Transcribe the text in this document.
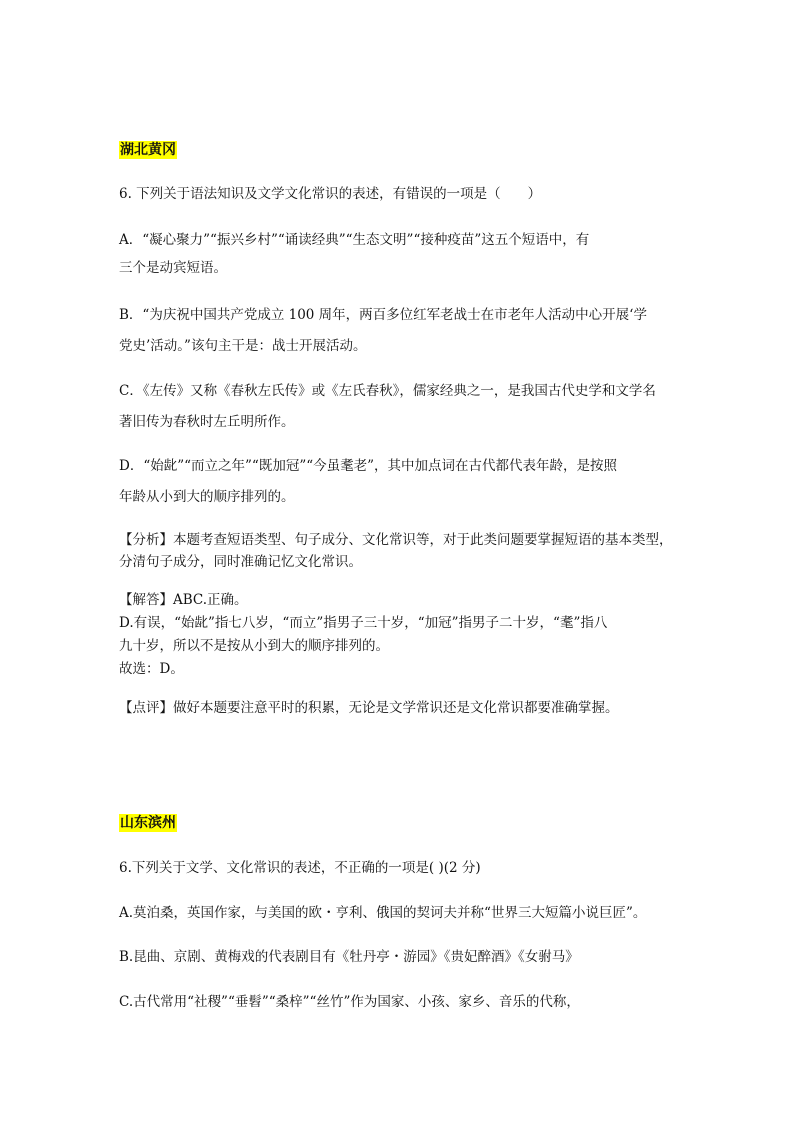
湖北黄冈
6. 下列关于语法知识及文学文化常识的表述，有错误的一项是（　　）
A．“凝心聚力”“振兴乡村”“诵读经典”“生态文明”“接种疫苗”这五个短语中，有
三个是动宾短语。
B．“为庆祝中国共产党成立 100 周年，两百多位红军老战士在市老年人活动中心开展‘学
党史’活动。”该句主干是：战士开展活动。
C．《左传》又称《春秋左氏传》或《左氏春秋》，儒家经典之一，是我国古代史学和文学名
著旧传为春秋时左丘明所作。
D．“始龀”“而立之年”“既加冠”“今虽耄老”，其中加点词在古代都代表年龄，是按照
年龄从小到大的顺序排列的。
【分析】本题考查短语类型、句子成分、文化常识等，对于此类问题要掌握短语的基本类型，
分清句子成分，同时准确记忆文化常识。
【解答】ABC.正确。
D.有误，“始龀”指七八岁，“而立”指男子三十岁，“加冠”指男子二十岁，“耄”指八
九十岁，所以不是按从小到大的顺序排列的。
故选：D。
【点评】做好本题要注意平时的积累，无论是文学常识还是文化常识都要准确掌握。
山东滨州
6.下列关于文学、文化常识的表述，不正确的一项是( )(2 分)
A.莫泊桑，英国作家，与美国的欧・亨利、俄国的契诃夫并称“世界三大短篇小说巨匠”。
B.昆曲、京剧、黄梅戏的代表剧目有《牡丹亭・游园》《贵妃醉酒》《女驸马》
C.古代常用“社稷”“垂髫”“桑梓”“丝竹”作为国家、小孩、家乡、音乐的代称，
